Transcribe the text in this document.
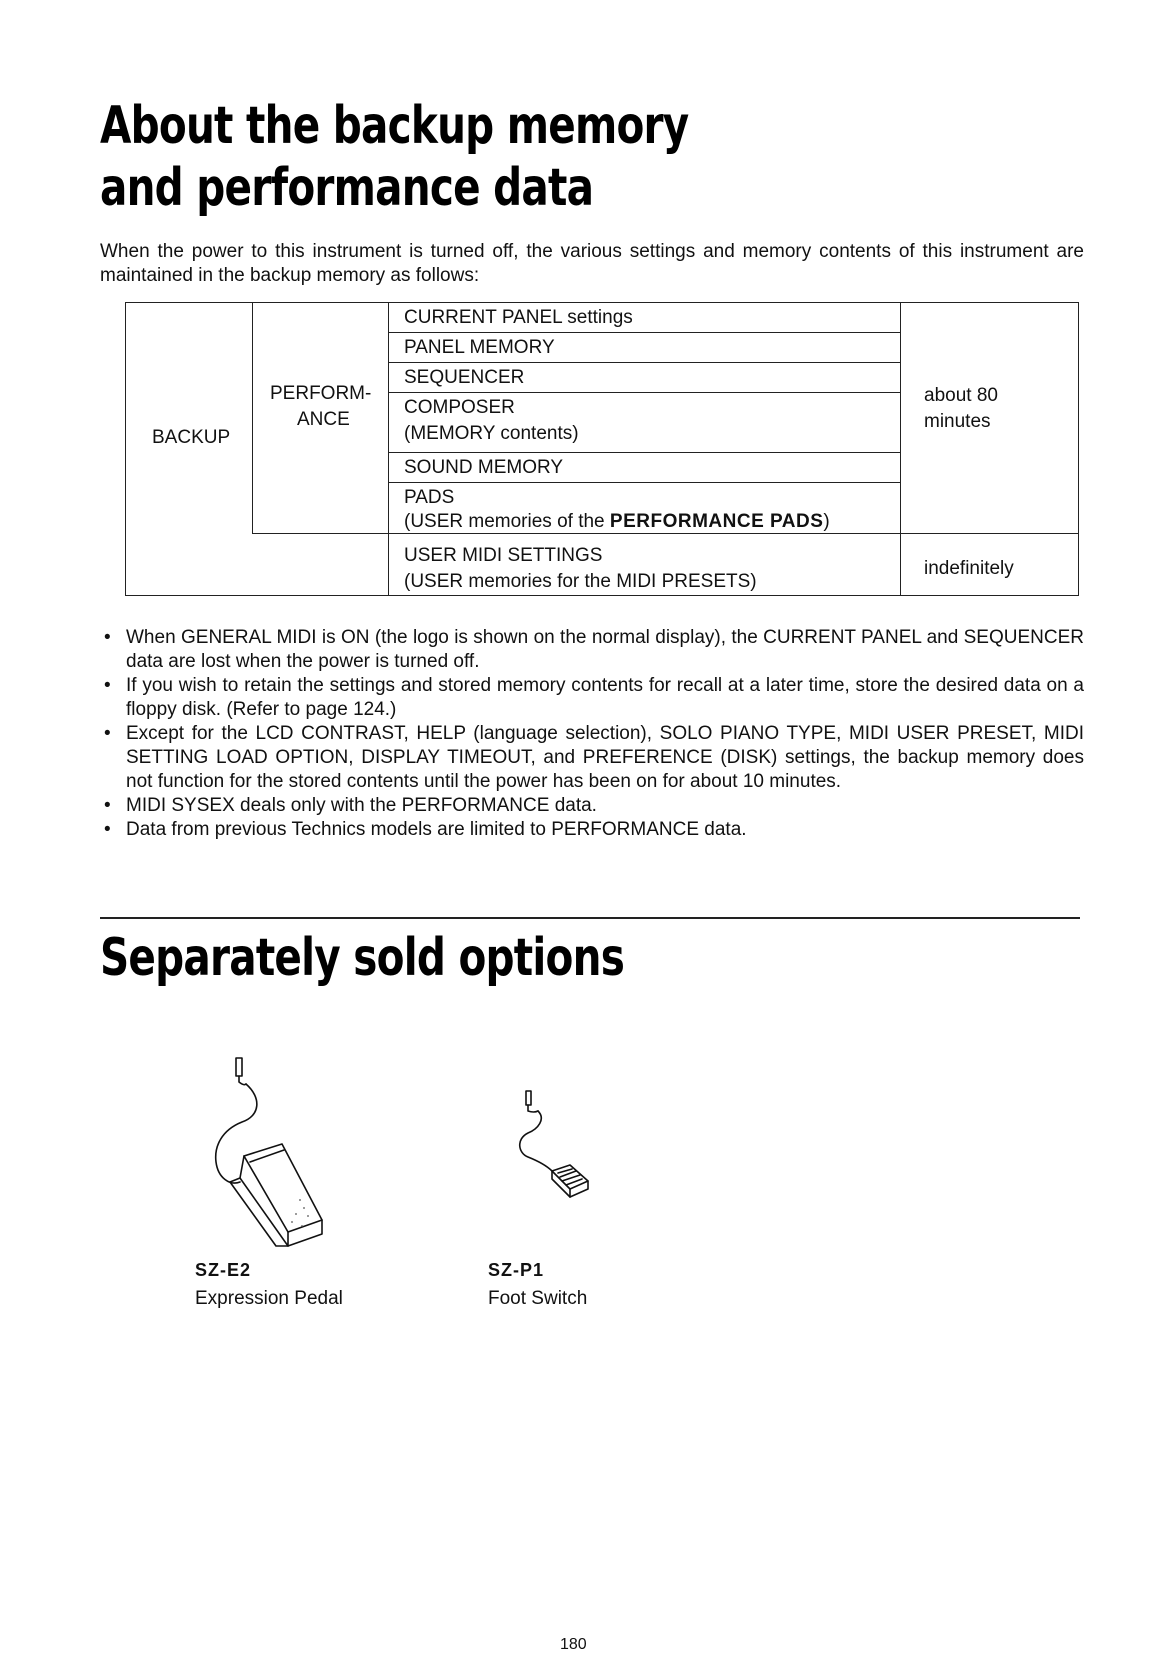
About the backup memory
and performance data

When the power to this instrument is turned off, the various settings and memory contents of this instrument are maintained in the backup memory as follows:

BACKUP
PERFORM-
ANCE
CURRENT PANEL settings
PANEL MEMORY
SEQUENCER
COMPOSER
(MEMORY contents)
SOUND MEMORY
PADS
(USER memories of the PERFORMANCE PADS)
USER MIDI SETTINGS
(USER memories for the MIDI PRESETS)
about 80
minutes
indefinitely
• When GENERAL MIDI is ON (the logo is shown on the normal display), the CURRENT PANEL and SEQUENCER data are lost when the power is turned off.
• If you wish to retain the settings and stored memory contents for recall at a later time, store the desired data on a floppy disk. (Refer to page 124.)
• Except for the LCD CONTRAST, HELP (language selection), SOLO PIANO TYPE, MIDI USER PRESET, MIDI SETTING LOAD OPTION, DISPLAY TIMEOUT, and PREFERENCE (DISK) settings, the backup memory does not function for the stored contents until the power has been on for about 10 minutes.
• MIDI SYSEX deals only with the PERFORMANCE data.
• Data from previous Technics models are limited to PERFORMANCE data.
Separately sold options
SZ-E2
Expression Pedal
SZ-P1
Foot Switch
180
